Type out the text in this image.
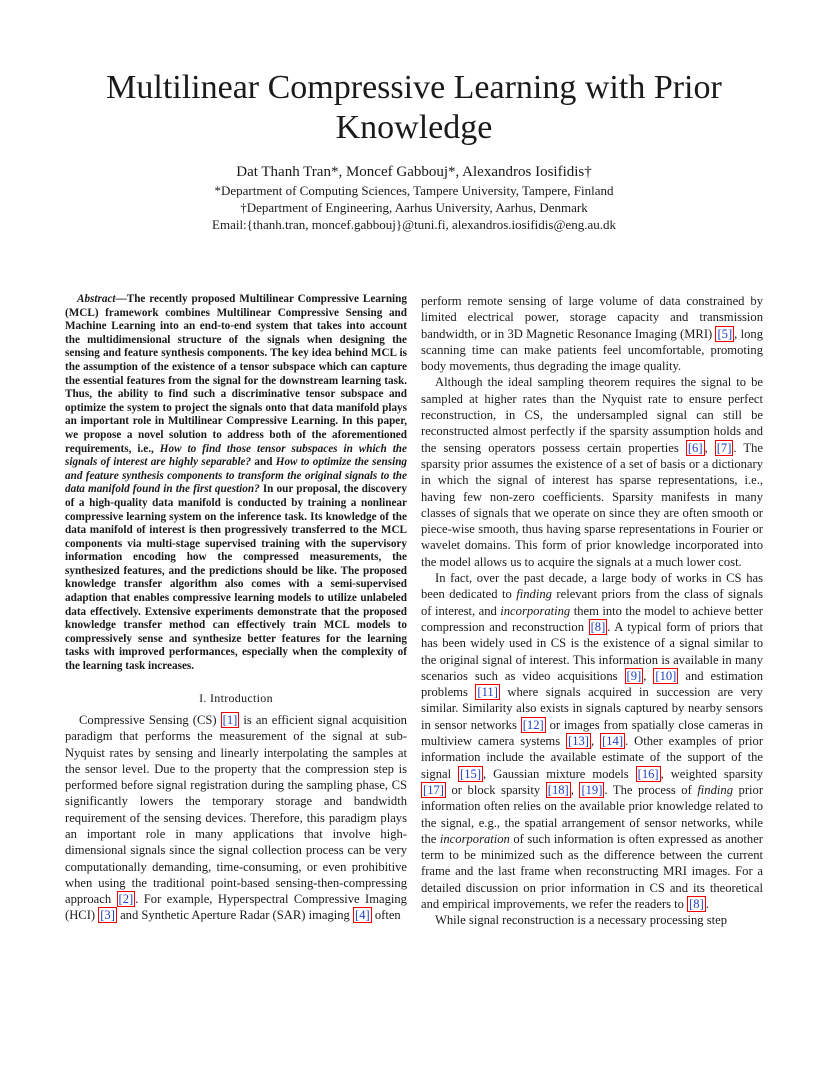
Multilinear Compressive Learning with Prior Knowledge
Dat Thanh Tran*, Moncef Gabbouj*, Alexandros Iosifidis†
*Department of Computing Sciences, Tampere University, Tampere, Finland
†Department of Engineering, Aarhus University, Aarhus, Denmark
Email:{thanh.tran, moncef.gabbouj}@tuni.fi, alexandros.iosifidis@eng.au.dk

Abstract—The recently proposed Multilinear Compressive Learning (MCL) framework combines Multilinear Compressive Sensing and Machine Learning into an end-to-end system that takes into account the multidimensional structure of the signals when designing the sensing and feature synthesis components. The key idea behind MCL is the assumption of the existence of a tensor subspace which can capture the essential features from the signal for the downstream learning task. Thus, the ability to find such a discriminative tensor subspace and optimize the system to project the signals onto that data manifold plays an important role in Multilinear Compressive Learning. In this paper, we propose a novel solution to address both of the aforementioned requirements, i.e., How to find those tensor subspaces in which the signals of interest are highly separable? and How to optimize the sensing and feature synthesis components to transform the original signals to the data manifold found in the first question? In our proposal, the discovery of a high-quality data manifold is conducted by training a nonlinear compressive learning system on the inference task. Its knowledge of the data manifold of interest is then progressively transferred to the MCL components via multi-stage supervised training with the supervisory information encoding how the compressed measurements, the synthesized features, and the predictions should be like. The proposed knowledge transfer algorithm also comes with a semi-supervised adaption that enables compressive learning models to utilize unlabeled data effectively. Extensive experiments demonstrate that the proposed knowledge transfer method can effectively train MCL models to compressively sense and synthesize better features for the learning tasks with improved performances, especially when the complexity of the learning task increases.

I. Introduction

Compressive Sensing (CS) [1] is an efficient signal acquisition paradigm that performs the measurement of the signal at sub-Nyquist rates by sensing and linearly interpolating the samples at the sensor level. Due to the property that the compression step is performed before signal registration during the sampling phase, CS significantly lowers the temporary storage and bandwidth requirement of the sensing devices. Therefore, this paradigm plays an important role in many applications that involve high-dimensional signals since the signal collection process can be very computationally demanding, time-consuming, or even prohibitive when using the traditional point-based sensing-then-compressing approach [2] . For example, Hyperspectral Compressive Imaging (HCI) [3] and Synthetic Aperture Radar (SAR) imaging [4] often

perform remote sensing of large volume of data constrained by limited electrical power, storage capacity and transmission bandwidth, or in 3D Magnetic Resonance Imaging (MRI) [5] , long scanning time can make patients feel uncomfortable, promoting body movements, thus degrading the image quality.

Although the ideal sampling theorem requires the signal to be sampled at higher rates than the Nyquist rate to ensure perfect reconstruction, in CS, the undersampled signal can still be reconstructed almost perfectly if the sparsity assumption holds and the sensing operators possess certain properties [6] , [7] . The sparsity prior assumes the existence of a set of basis or a dictionary in which the signal of interest has sparse representations, i.e., having few non-zero coefficients. Sparsity manifests in many classes of signals that we operate on since they are often smooth or piece-wise smooth, thus having sparse representations in Fourier or wavelet domains. This form of prior knowledge incorporated into the model allows us to acquire the signals at a much lower cost.

In fact, over the past decade, a large body of works in CS has been dedicated to finding relevant priors from the class of signals of interest, and incorporating them into the model to achieve better compression and reconstruction [8] . A typical form of priors that has been widely used in CS is the existence of a signal similar to the original signal of interest. This information is available in many scenarios such as video acquisitions [9] , [10] and estimation problems [11] where signals acquired in succession are very similar. Similarity also exists in signals captured by nearby sensors in sensor networks [12] or images from spatially close cameras in multiview camera systems [13] , [14] . Other examples of prior information include the available estimate of the support of the signal [15] , Gaussian mixture models [16] , weighted sparsity [17] or block sparsity [18] , [19] . The process of finding prior information often relies on the available prior knowledge related to the signal, e.g., the spatial arrangement of sensor networks, while the incorporation of such information is often expressed as another term to be minimized such as the difference between the current frame and the last frame when reconstructing MRI images. For a detailed discussion on prior information in CS and its theoretical and empirical improvements, we refer the readers to [8] .

While signal reconstruction is a necessary processing step
